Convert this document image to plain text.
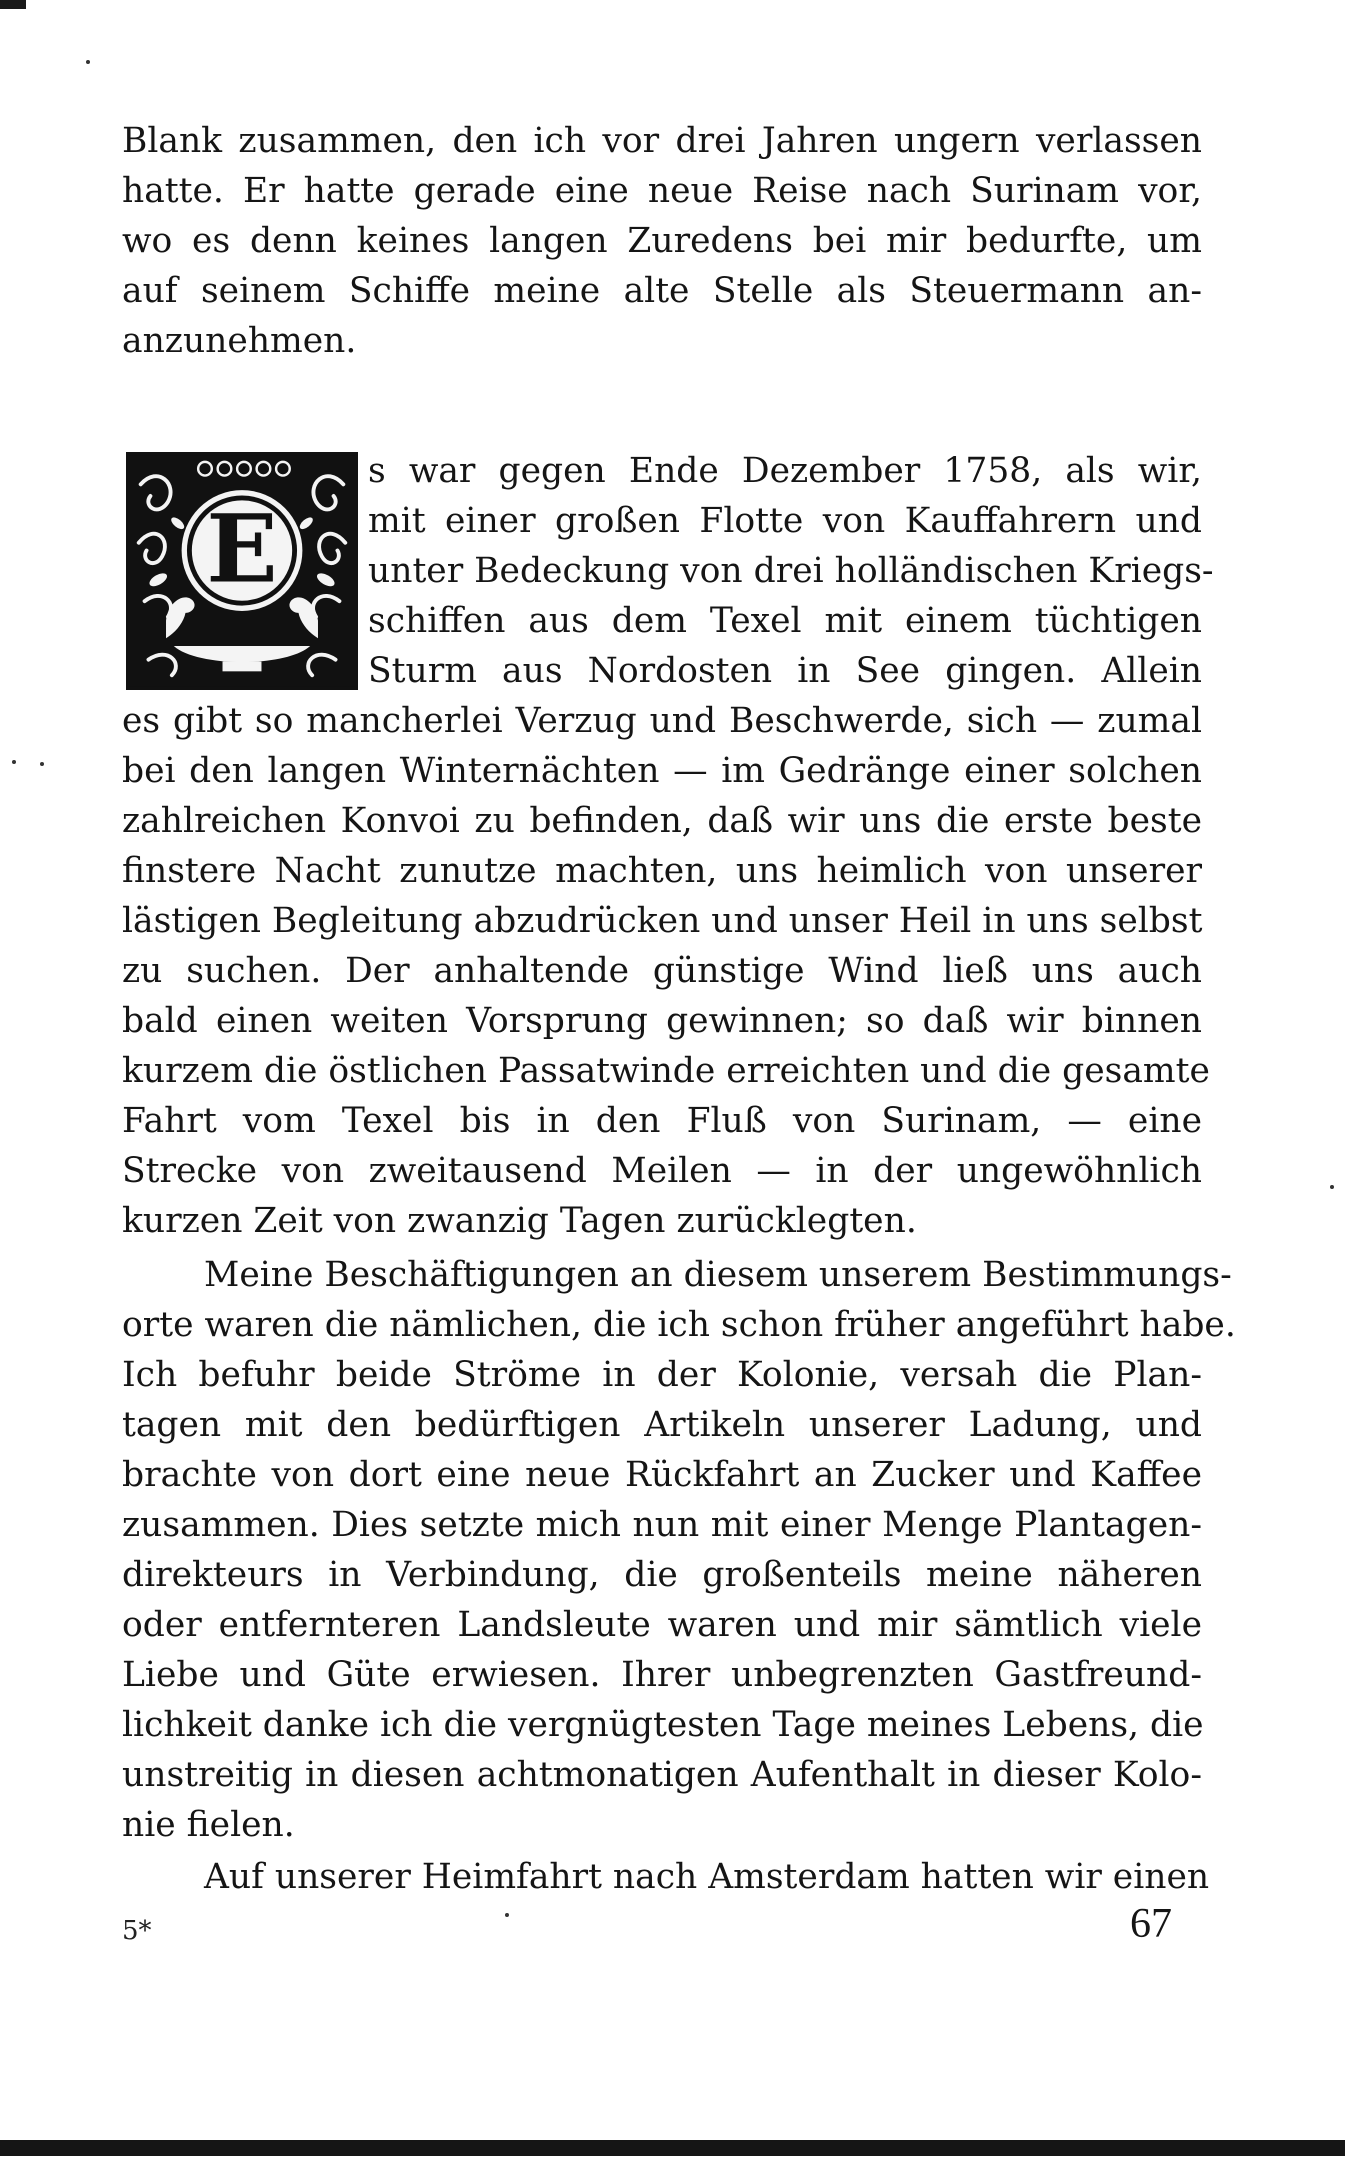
Blank zusammen, den ich vor drei Jahren ungern verlassen
hatte. Er hatte gerade eine neue Reise nach Surinam vor,
wo es denn keines langen Zuredens bei mir bedurfte, um
auf seinem Schiffe meine alte Stelle als Steuermann an-
anzunehmen.
E
s war gegen Ende Dezember 1758, als wir,
mit einer großen Flotte von Kauffahrern und
unter Bedeckung von drei holländischen Kriegs-
schiffen aus dem Texel mit einem tüchtigen
Sturm aus Nordosten in See gingen. Allein
es gibt so mancherlei Verzug und Beschwerde, sich — zumal
bei den langen Winternächten — im Gedränge einer solchen
zahlreichen Konvoi zu befinden, daß wir uns die erste beste
finstere Nacht zunutze machten, uns heimlich von unserer
lästigen Begleitung abzudrücken und unser Heil in uns selbst
zu suchen. Der anhaltende günstige Wind ließ uns auch
bald einen weiten Vorsprung gewinnen; so daß wir binnen
kurzem die östlichen Passatwinde erreichten und die gesamte
Fahrt vom Texel bis in den Fluß von Surinam, — eine
Strecke von zweitausend Meilen — in der ungewöhnlich
kurzen Zeit von zwanzig Tagen zurücklegten.
Meine Beschäftigungen an diesem unserem Bestimmungs-
orte waren die nämlichen, die ich schon früher angeführt habe.
Ich befuhr beide Ströme in der Kolonie, versah die Plan-
tagen mit den bedürftigen Artikeln unserer Ladung, und
brachte von dort eine neue Rückfahrt an Zucker und Kaffee
zusammen. Dies setzte mich nun mit einer Menge Plantagen-
direkteurs in Verbindung, die großenteils meine näheren
oder entfernteren Landsleute waren und mir sämtlich viele
Liebe und Güte erwiesen. Ihrer unbegrenzten Gastfreund-
lichkeit danke ich die vergnügtesten Tage meines Lebens, die
unstreitig in diesen achtmonatigen Aufenthalt in dieser Kolo-
nie fielen.
Auf unserer Heimfahrt nach Amsterdam hatten wir einen
5*	67
